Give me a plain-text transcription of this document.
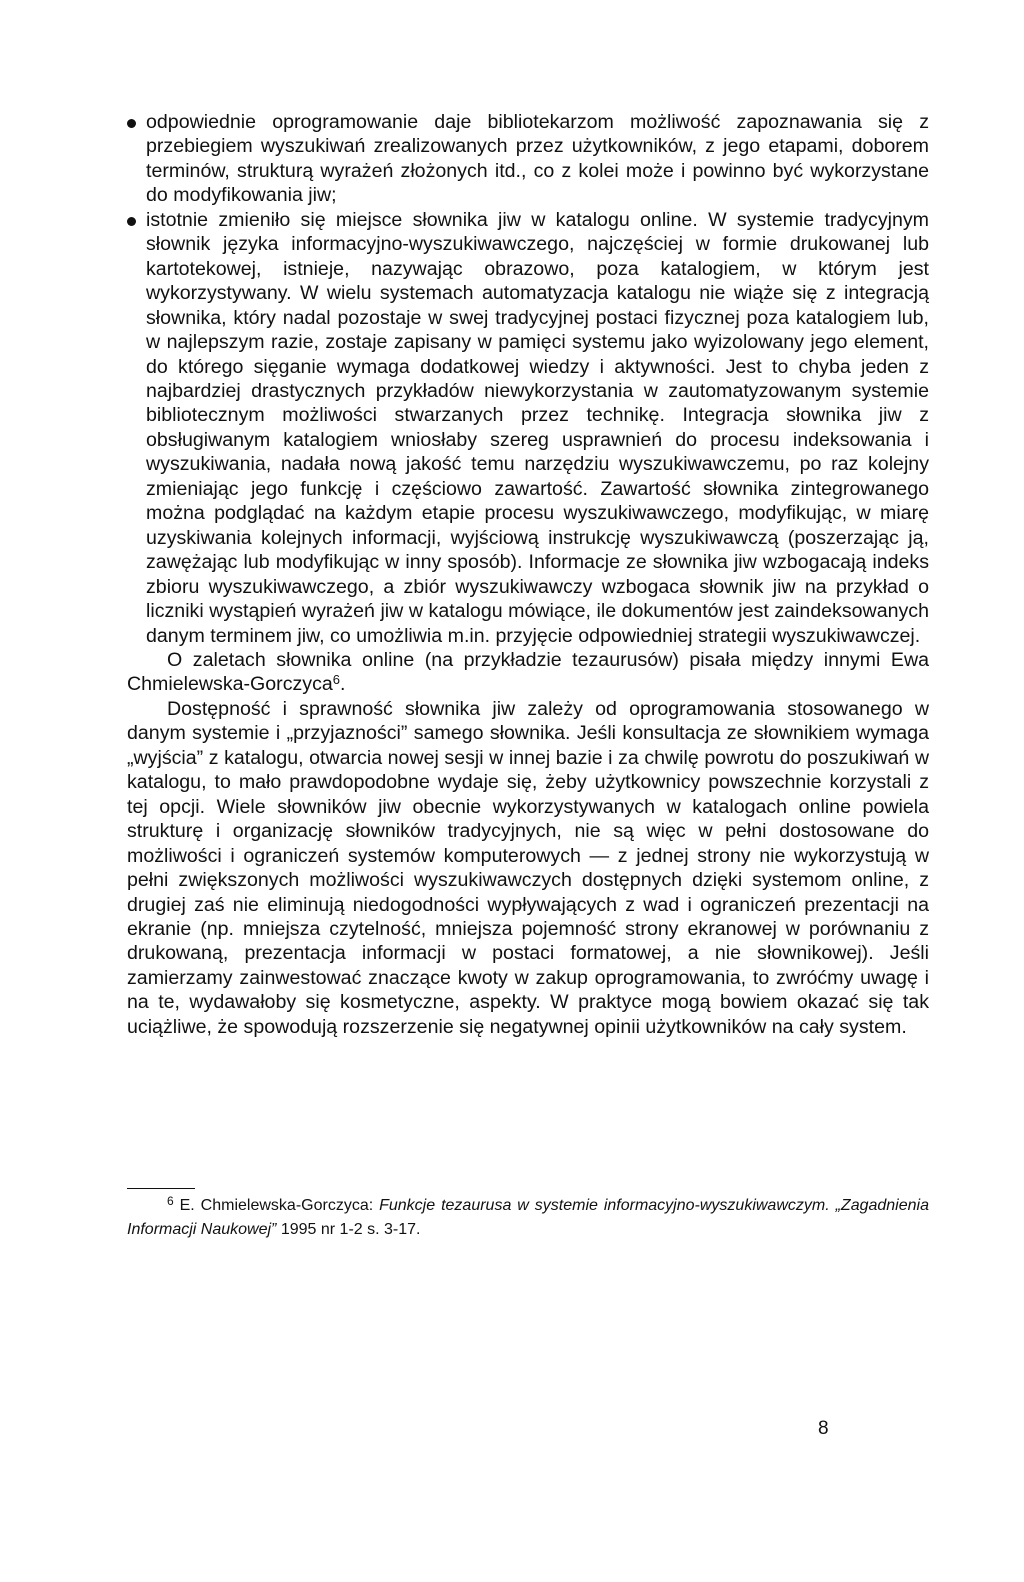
odpowiednie oprogramowanie daje bibliotekarzom możliwość zapoznawania się z przebiegiem wyszukiwań zrealizowanych przez użytkowników, z jego etapami, doborem terminów, strukturą wyrażeń złożonych itd., co z kolei może i powinno być wykorzystane do modyfikowania jiw;

istotnie zmieniło się miejsce słownika jiw w katalogu online. W systemie tradycyjnym słownik języka informacyjno-wyszukiwawczego, najczęściej w formie drukowanej lub kartotekowej, istnieje, nazywając obrazowo, poza katalogiem, w którym jest wykorzystywany. W wielu systemach automatyzacja katalogu nie wiąże się z integracją słownika, który nadal pozostaje w swej tradycyjnej postaci fizycznej poza katalogiem lub, w najlepszym razie, zostaje zapisany w pamięci systemu jako wyizolowany jego element, do którego sięganie wymaga dodatkowej wiedzy i aktywności. Jest to chyba jeden z najbardziej drastycznych przykładów niewykorzystania w zautomatyzowanym systemie bibliotecznym możliwości stwarzanych przez technikę. Integracja słownika jiw z obsługiwanym katalogiem wniosłaby szereg usprawnień do procesu indeksowania i wyszukiwania, nadała nową jakość temu narzędziu wyszukiwawczemu, po raz kolejny zmieniając jego funkcję i częściowo zawartość. Zawartość słownika zintegrowanego można podglądać na każdym etapie procesu wyszukiwawczego, modyfikując, w miarę uzyskiwania kolejnych informacji, wyjściową instrukcję wyszukiwawczą (poszerzając ją, zawężając lub modyfikując w inny sposób). Informacje ze słownika jiw wzbogacają indeks zbioru wyszukiwawczego, a zbiór wyszukiwawczy wzbogaca słownik jiw na przykład o liczniki wystąpień wyrażeń jiw w katalogu mówiące, ile dokumentów jest zaindeksowanych danym terminem jiw, co umożliwia m.in. przyjęcie odpowiedniej strategii wyszukiwawczej.

O zaletach słownika online (na przykładzie tezaurusów) pisała między innymi Ewa Chmielewska-Gorczyca$^6$.

Dostępność i sprawność słownika jiw zależy od oprogramowania stosowanego w danym systemie i „przyjazności” samego słownika. Jeśli konsultacja ze słownikiem wymaga „wyjścia” z katalogu, otwarcia nowej sesji w innej bazie i za chwilę powrotu do poszukiwań w katalogu, to mało prawdopodobne wydaje się, żeby użytkownicy powszechnie korzystali z tej opcji. Wiele słowników jiw obecnie wykorzystywanych w katalogach online powiela strukturę i organizację słowników tradycyjnych, nie są więc w pełni dostosowane do możliwości i ograniczeń systemów komputerowych — z jednej strony nie wykorzystują w pełni zwiększonych możliwości wyszukiwawczych dostępnych dzięki systemom online, z drugiej zaś nie eliminują niedogodności wypływających z wad i ograniczeń prezentacji na ekranie (np. mniejsza czytelność, mniejsza pojemność strony ekranowej w porównaniu z drukowaną, prezentacja informacji w postaci formatowej, a nie słownikowej). Jeśli zamierzamy zainwestować znaczące kwoty w zakup oprogramowania, to zwróćmy uwagę i na te, wydawałoby się kosmetyczne, aspekty. W praktyce mogą bowiem okazać się tak uciążliwe, że spowodują rozszerzenie się negatywnej opinii użytkowników na cały system.

$^6$ E. Chmielewska-Gorczyca: Funkcje tezaurusa w systemie informacyjno-wyszukiwawczym. „Zagadnienia Informacji Naukowej” 1995 nr 1-2 s. 3-17.
8
